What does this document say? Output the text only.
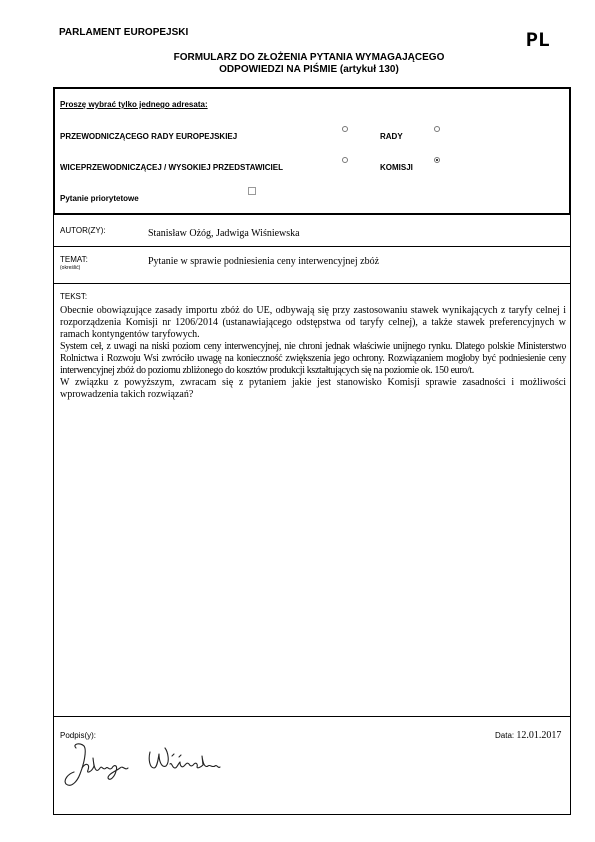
PARLAMENT EUROPEJSKI	PL
FORMULARZ DO ZŁOŻENIA PYTANIA WYMAGAJĄCEGO
ODPOWIEDZI NA PIŚMIE (artykuł 130)
Proszę wybrać tylko jednego adresata:
PRZEWODNICZĄCEGO RADY EUROPEJSKIEJ	RADY
WICEPRZEWODNICZĄCEJ / WYSOKIEJ PRZEDSTAWICIEL	KOMISJI
Pytanie priorytetowe
AUTOR(ZY):	Stanisław Ożóg, Jadwiga Wiśniewska
TEMAT:
(określić)
Pytanie w sprawie podniesienia ceny interwencyjnej zbóż
TEKST:

Obecnie obowiązujące zasady importu zbóż do UE, odbywają się przy zastosowaniu stawek wynikających z taryfy celnej i rozporządzenia Komisji nr 1206/2014 (ustanawiającego odstępstwa od taryfy celnej), a także stawek preferencyjnych w ramach kontyngentów taryfowych.

System ceł, z uwagi na niski poziom ceny interwencyjnej, nie chroni jednak właściwie unijnego rynku. Dlatego polskie Ministerstwo Rolnictwa i Rozwoju Wsi zwróciło uwagę na konieczność zwiększenia jego ochrony. Rozwiązaniem mogłoby być podniesienie ceny interwencyjnej zbóż do poziomu zbliżonego do kosztów produkcji kształtujących się na poziomie ok. 150 euro/t.

W związku z powyższym, zwracam się z pytaniem jakie jest stanowisko Komisji sprawie zasadności i możliwości wprowadzenia takich rozwiązań?

Podpis(y):	Data: 12.01.2017
